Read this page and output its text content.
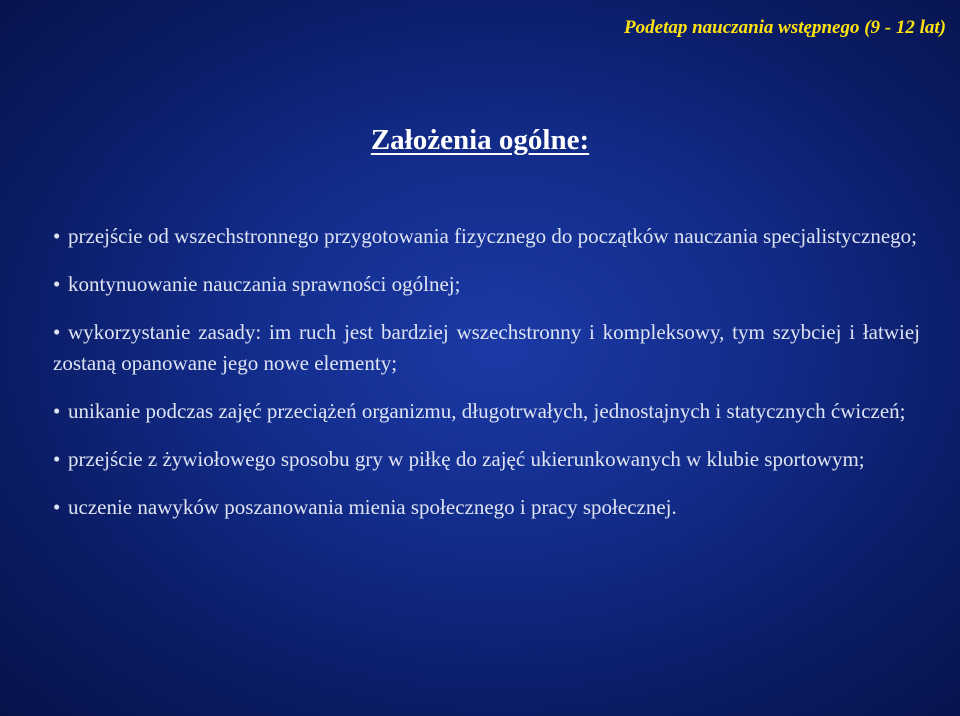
Podetap nauczania wstępnego (9 - 12 lat)
Założenia ogólne:
• przejście od wszechstronnego przygotowania fizycznego do początków nauczania specjalistycznego;
• kontynuowanie nauczania sprawności ogólnej;
• wykorzystanie zasady: im ruch jest bardziej wszechstronny i kompleksowy, tym szybciej i łatwiej zostaną opanowane jego nowe elementy;
• unikanie podczas zajęć przeciążeń organizmu, długotrwałych, jednostajnych i statycznych ćwiczeń;
• przejście z żywiołowego sposobu gry w piłkę do zajęć ukierunkowanych w klubie sportowym;
• uczenie nawyków poszanowania mienia społecznego i pracy społecznej.
